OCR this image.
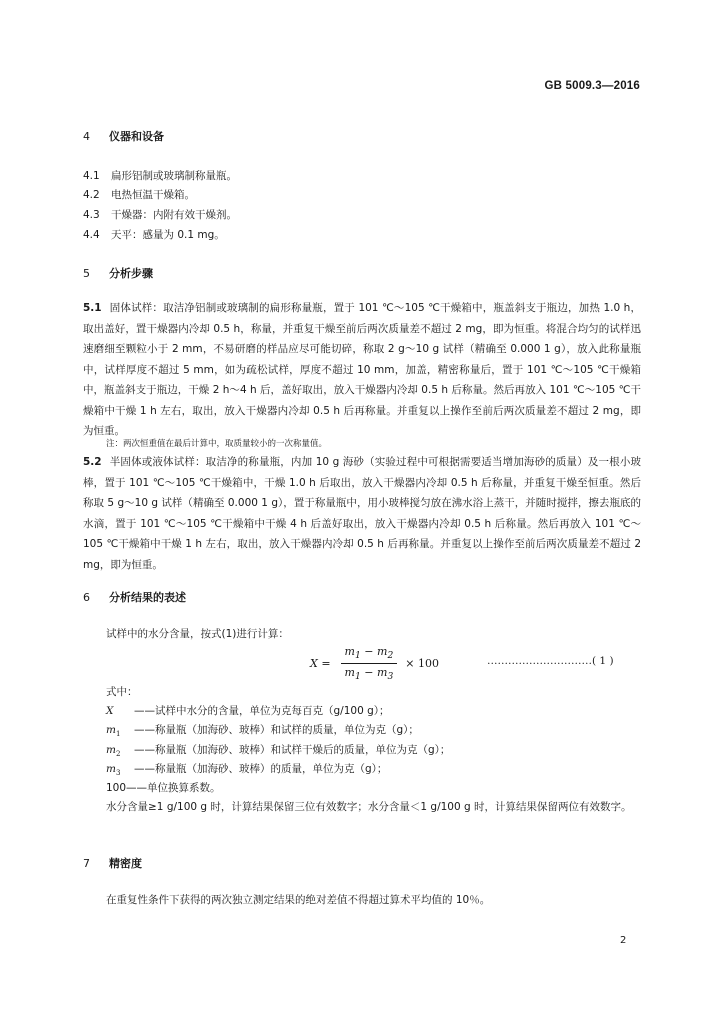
GB 5009.3—2016
4 仪器和设备
4.1 扁形铝制或玻璃制称量瓶。
4.2 电热恒温干燥箱。
4.3 干燥器：内附有效干燥剂。
4.4 天平：感量为 0.1 mg。
5 分析步骤
5.1 固体试样：取洁净铝制或玻璃制的扁形称量瓶，置于 101 ℃～105 ℃干燥箱中，瓶盖斜支于瓶边，加热 1.0 h，取出盖好，置干燥器内冷却 0.5 h，称量，并重复干燥至前后两次质量差不超过 2 mg，即为恒重。将混合均匀的试样迅速磨细至颗粒小于 2 mm，不易研磨的样品应尽可能切碎，称取 2 g～10 g 试样（精确至 0.000 1 g），放入此称量瓶中，试样厚度不超过 5 mm，如为疏松试样，厚度不超过 10 mm，加盖，精密称量后，置于 101 ℃～105 ℃干燥箱中，瓶盖斜支于瓶边，干燥 2 h～4 h 后，盖好取出，放入干燥器内冷却 0.5 h 后称量。然后再放入 101 ℃～105 ℃干燥箱中干燥 1 h 左右，取出，放入干燥器内冷却 0.5 h 后再称量。并重复以上操作至前后两次质量差不超过 2 mg，即为恒重。
注：两次恒重值在最后计算中，取质量较小的一次称量值。
5.2 半固体或液体试样：取洁净的称量瓶，内加 10 g 海砂（实验过程中可根据需要适当增加海砂的质量）及一根小玻棒，置于 101 ℃～105 ℃干燥箱中，干燥 1.0 h 后取出，放入干燥器内冷却 0.5 h 后称量，并重复干燥至恒重。然后称取 5 g～10 g 试样（精确至 0.000 1 g），置于称量瓶中，用小玻棒搅匀放在沸水浴上蒸干，并随时搅拌，擦去瓶底的水滴，置于 101 ℃～105 ℃干燥箱中干燥 4 h 后盖好取出，放入干燥器内冷却 0.5 h 后称量。然后再放入 101 ℃～105 ℃干燥箱中干燥 1 h 左右，取出，放入干燥器内冷却 0.5 h 后再称量。并重复以上操作至前后两次质量差不超过 2 mg，即为恒重。
6 分析结果的表述
试样中的水分含量，按式(1)进行计算：
$X = \frac{m_1 - m_2}{m_1 - m_3} \times 100$	…………………………( 1 )
式中：
X ——试样中水分的含量，单位为克每百克（g/100 g）；
$m_1$ ——称量瓶（加海砂、玻棒）和试样的质量，单位为克（g）；
$m_2$ ——称量瓶（加海砂、玻棒）和试样干燥后的质量，单位为克（g）；
$m_3$ ——称量瓶（加海砂、玻棒）的质量，单位为克（g）；
100——单位换算系数。
水分含量≥1 g/100 g 时，计算结果保留三位有效数字；水分含量＜1 g/100 g 时，计算结果保留两位有效数字。
7 精密度
在重复性条件下获得的两次独立测定结果的绝对差值不得超过算术平均值的 10％。
2
